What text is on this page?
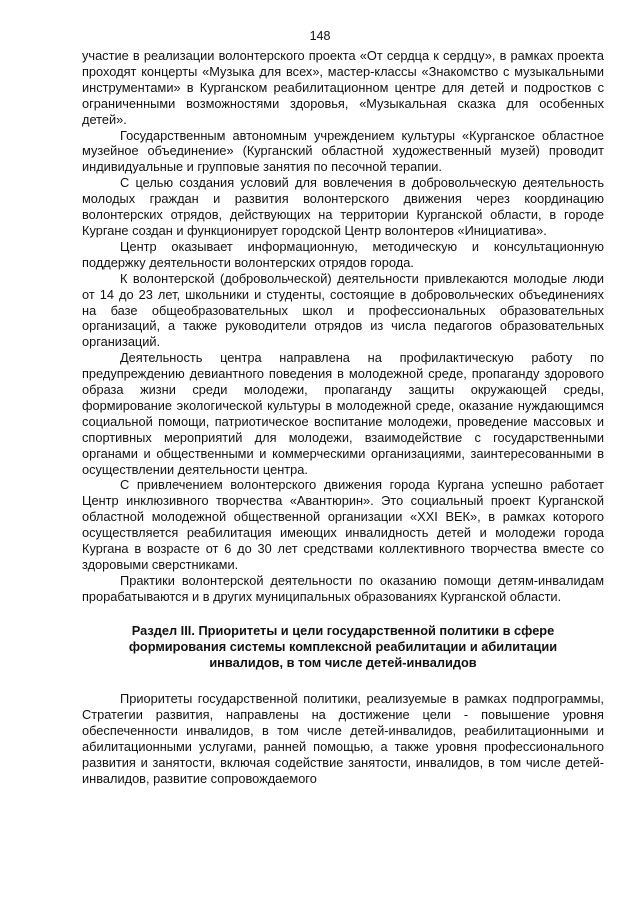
148

участие в реализации волонтерского проекта «От сердца к сердцу», в рамках проекта проходят концерты «Музыка для всех», мастер-классы «Знакомство с музыкальными инструментами» в Курганском реабилитационном центре для детей и подростков с ограниченными возможностями здоровья, «Музыкальная сказка для особенных детей».

Государственным автономным учреждением культуры «Курганское областное музейное объединение» (Курганский областной художественный музей) проводит индивидуальные и групповые занятия по песочной терапии.

С целью создания условий для вовлечения в добровольческую деятельность молодых граждан и развития волонтерского движения через координацию волонтерских отрядов, действующих на территории Курганской области, в городе Кургане создан и функционирует городской Центр волонтеров «Инициатива».

Центр оказывает информационную, методическую и консультационную поддержку деятельности волонтерских отрядов города.

К волонтерской (добровольческой) деятельности привлекаются молодые люди от 14 до 23 лет, школьники и студенты, состоящие в добровольческих объединениях на базе общеобразовательных школ и профессиональных образовательных организаций, а также руководители отрядов из числа педагогов образовательных организаций.

Деятельность центра направлена на профилактическую работу по предупреждению девиантного поведения в молодежной среде, пропаганду здорового образа жизни среди молодежи, пропаганду защиты окружающей среды, формирование экологической культуры в молодежной среде, оказание нуждающимся социальной помощи, патриотическое воспитание молодежи, проведение массовых и спортивных мероприятий для молодежи, взаимодействие с государственными органами и общественными и коммерческими организациями, заинтересованными в осуществлении деятельности центра.

С привлечением волонтерского движения города Кургана успешно работает Центр инклюзивного творчества «Авантюрин». Это социальный проект Курганской областной молодежной общественной организации «XXI ВЕК», в рамках которого осуществляется реабилитация имеющих инвалидность детей и молодежи города Кургана в возрасте от 6 до 30 лет средствами коллективного творчества вместе со здоровыми сверстниками.

Практики волонтерской деятельности по оказанию помощи детям-инвалидам прорабатываются и в других муниципальных образованиях Курганской области.

Раздел III. Приоритеты и цели государственной политики в сфере формирования системы комплексной реабилитации и абилитации инвалидов, в том числе детей-инвалидов

Приоритеты государственной политики, реализуемые в рамках подпрограммы, Стратегии развития, направлены на достижение цели - повышение уровня обеспеченности инвалидов, в том числе детей-инвалидов, реабилитационными и абилитационными услугами, ранней помощью, а также уровня профессионального развития и занятости, включая содействие занятости, инвалидов, в том числе детей-инвалидов, развитие сопровождаемого
